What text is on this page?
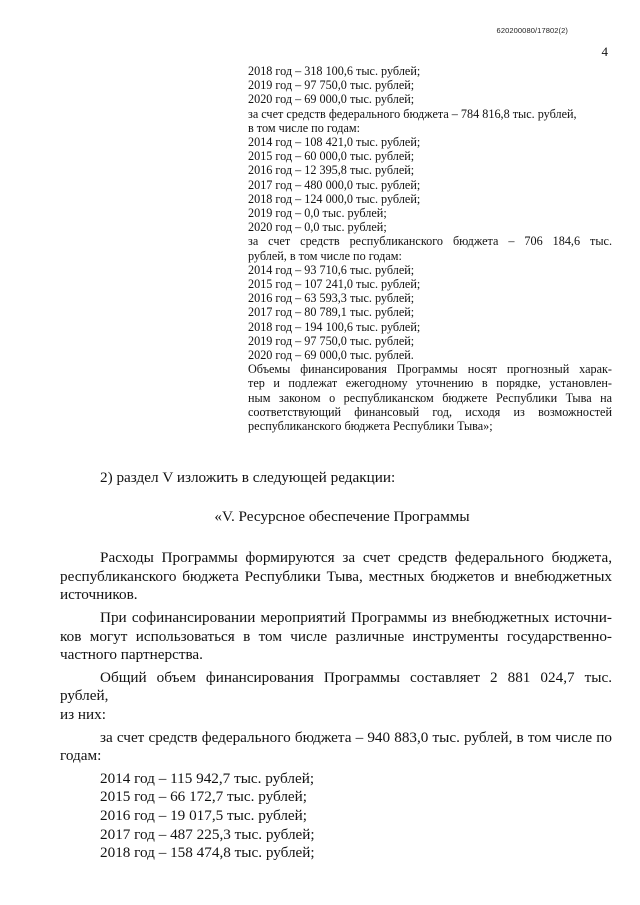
620200080/17802(2)
4
2018 год – 318 100,6 тыс. рублей;
2019 год – 97 750,0 тыс. рублей;
2020 год – 69 000,0 тыс. рублей;
за счет средств федерального бюджета – 784 816,8 тыс. рублей,
в том числе по годам:
2014 год – 108 421,0 тыс. рублей;
2015 год – 60 000,0 тыс. рублей;
2016 год – 12 395,8 тыс. рублей;
2017 год – 480 000,0 тыс. рублей;
2018 год – 124 000,0 тыс. рублей;
2019 год – 0,0 тыс. рублей;
2020 год – 0,0 тыс. рублей;
за счет средств республиканского бюджета – 706 184,6 тыс.
рублей, в том числе по годам:
2014 год – 93 710,6 тыс. рублей;
2015 год – 107 241,0 тыс. рублей;
2016 год – 63 593,3 тыс. рублей;
2017 год – 80 789,1 тыс. рублей;
2018 год – 194 100,6 тыс. рублей;
2019 год – 97 750,0 тыс. рублей;
2020 год – 69 000,0 тыс. рублей.
Объемы финансирования Программы носят прогнозный харак-
тер и подлежат ежегодному уточнению в порядке, установлен-
ным законом о республиканском бюджете Республики Тыва на
соответствующий финансовый год, исходя из возможностей
республиканского бюджета Республики Тыва»;

2) раздел V изложить в следующей редакции:

«V. Ресурсное обеспечение Программы

Расходы Программы формируются за счет средств федерального бюджета,

республиканского бюджета Республики Тыва, местных бюджетов и внебюджетных

источников.

При софинансировании мероприятий Программы из внебюджетных источни-

ков могут использоваться в том числе различные инструменты государственно-

частного партнерства.

Общий объем финансирования Программы составляет 2 881 024,7 тыс. рублей,

из них:

за счет средств федерального бюджета – 940 883,0 тыс. рублей, в том числе по

годам:

2014 год – 115 942,7 тыс. рублей;

2015 год – 66 172,7 тыс. рублей;

2016 год – 19 017,5 тыс. рублей;

2017 год – 487 225,3 тыс. рублей;

2018 год – 158 474,8 тыс. рублей;
